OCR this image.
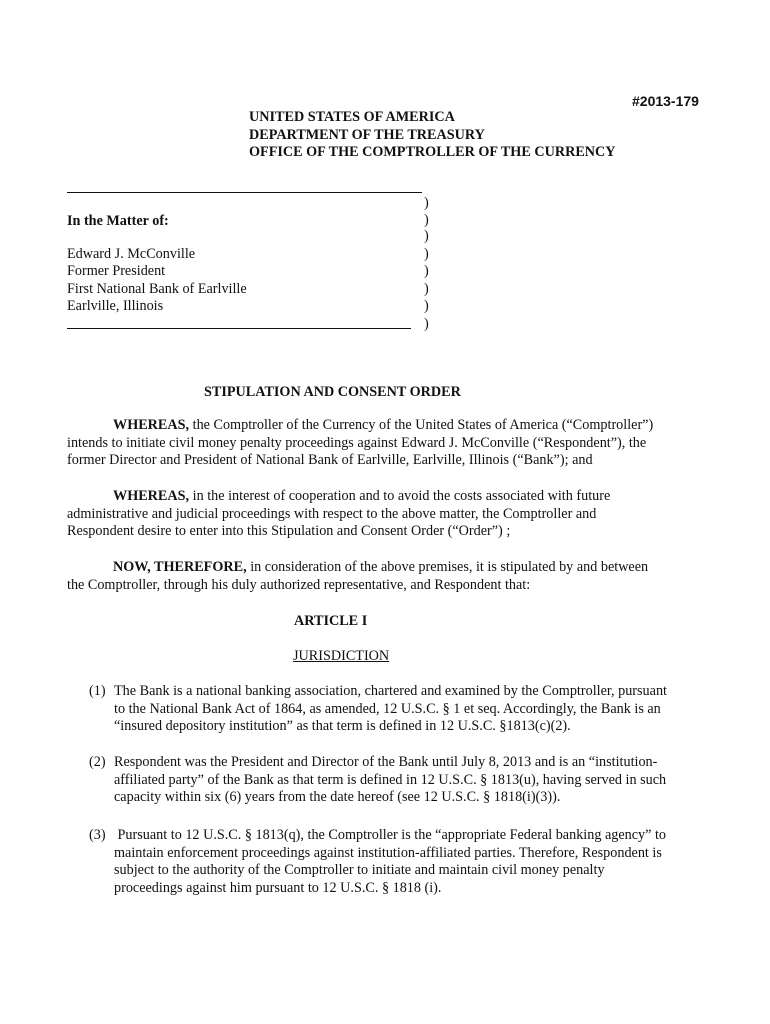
#2013-179
UNITED STATES OF AMERICA
DEPARTMENT OF THE TREASURY
OFFICE OF THE COMPTROLLER OF THE CURRENCY
In the Matter of:
Edward J. McConville
Former President
First National Bank of Earlville
Earlville, Illinois
)
)
)
)
)
)
)
)
STIPULATION AND CONSENT ORDER
WHEREAS, the Comptroller of the Currency of the United States of America (“Comptroller”)
intends to initiate civil money penalty proceedings against Edward J. McConville (“Respondent”), the
former Director and President of National Bank of Earlville, Earlville, Illinois (“Bank”); and
WHEREAS, in the interest of cooperation and to avoid the costs associated with future
administrative and judicial proceedings with respect to the above matter, the Comptroller and
Respondent desire to enter into this Stipulation and Consent Order (“Order”) ;
NOW, THEREFORE, in consideration of the above premises, it is stipulated by and between
the Comptroller, through his duly authorized representative, and Respondent that:
ARTICLE I
JURISDICTION
(1) The Bank is a national banking association, chartered and examined by the Comptroller, pursuant
to the National Bank Act of 1864, as amended, 12 U.S.C. § 1 et seq. Accordingly, the Bank is an
“insured depository institution” as that term is defined in 12 U.S.C. §1813(c)(2).
(2) Respondent was the President and Director of the Bank until July 8, 2013 and is an “institution-
affiliated party” of the Bank as that term is defined in 12 U.S.C. § 1813(u), having served in such
capacity within six (6) years from the date hereof (see 12 U.S.C. § 1818(i)(3)).
(3) Pursuant to 12 U.S.C. § 1813(q), the Comptroller is the “appropriate Federal banking agency” to
maintain enforcement proceedings against institution-affiliated parties. Therefore, Respondent is
subject to the authority of the Comptroller to initiate and maintain civil money penalty
proceedings against him pursuant to 12 U.S.C. § 1818 (i).
